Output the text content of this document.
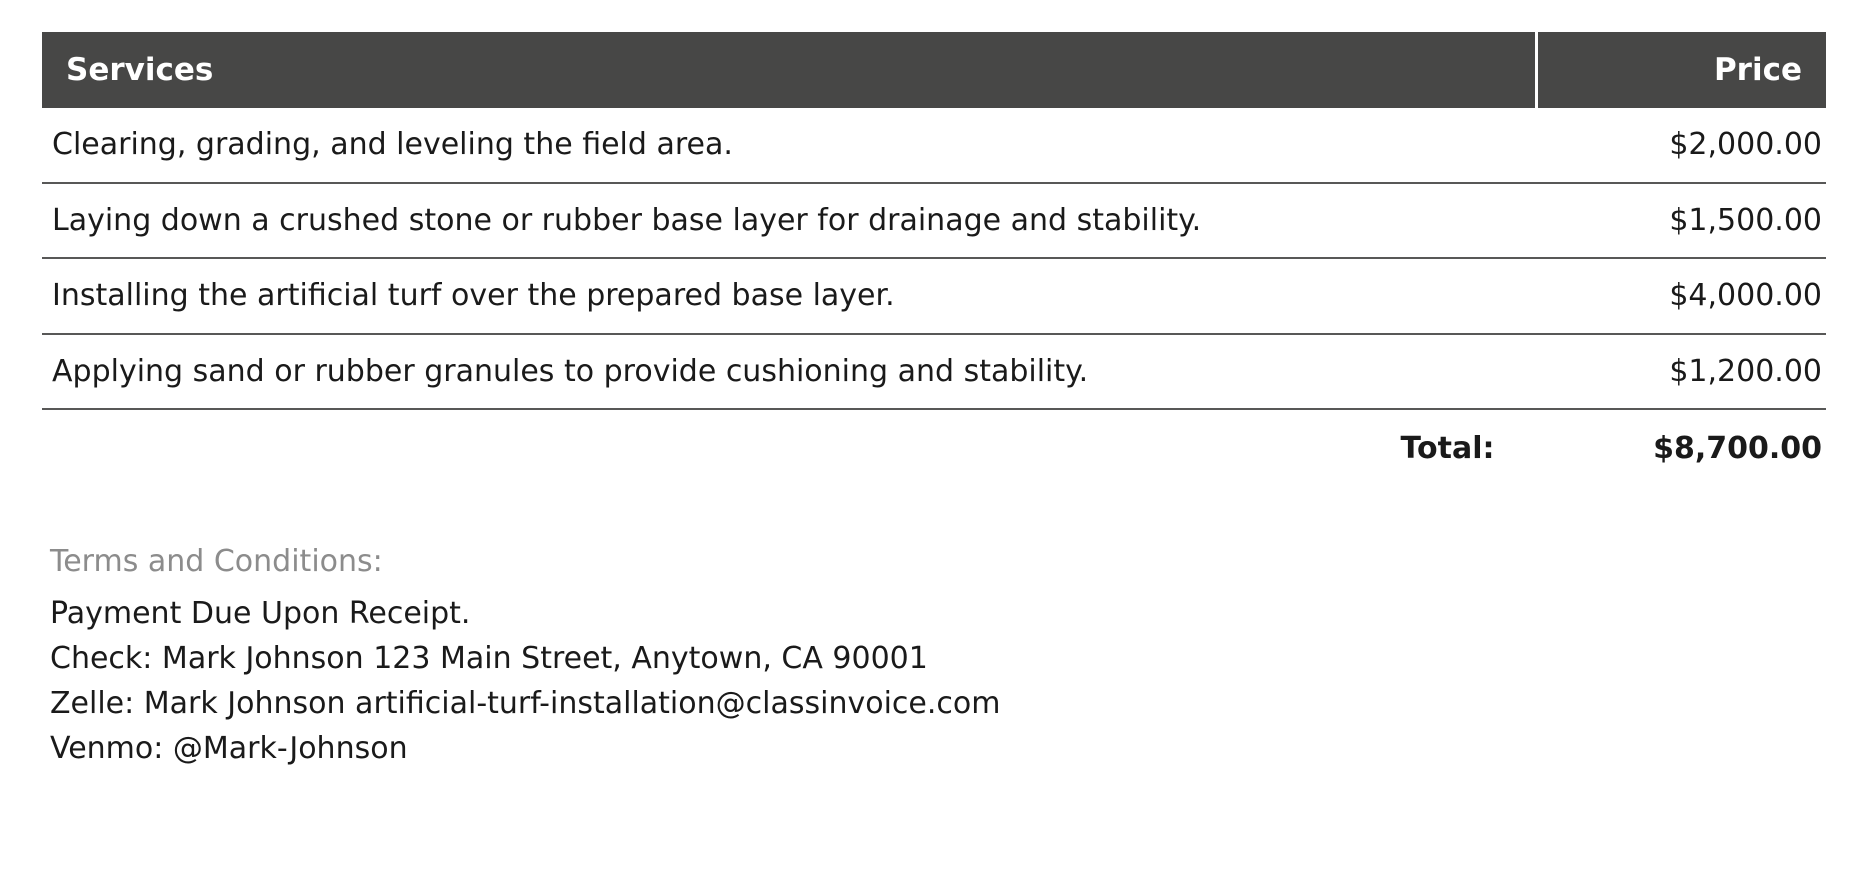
Services	Price
Clearing, grading, and leveling the field area.	$2,000.00
Laying down a crushed stone or rubber base layer for drainage and stability.	$1,500.00
Installing the artificial turf over the prepared base layer.	$4,000.00
Applying sand or rubber granules to provide cushioning and stability.	$1,200.00
Total:	$8,700.00
Terms and Conditions:
Payment Due Upon Receipt.
Check: Mark Johnson 123 Main Street, Anytown, CA 90001
Zelle: Mark Johnson artificial-turf-installation@classinvoice.com
Venmo: @Mark-Johnson
